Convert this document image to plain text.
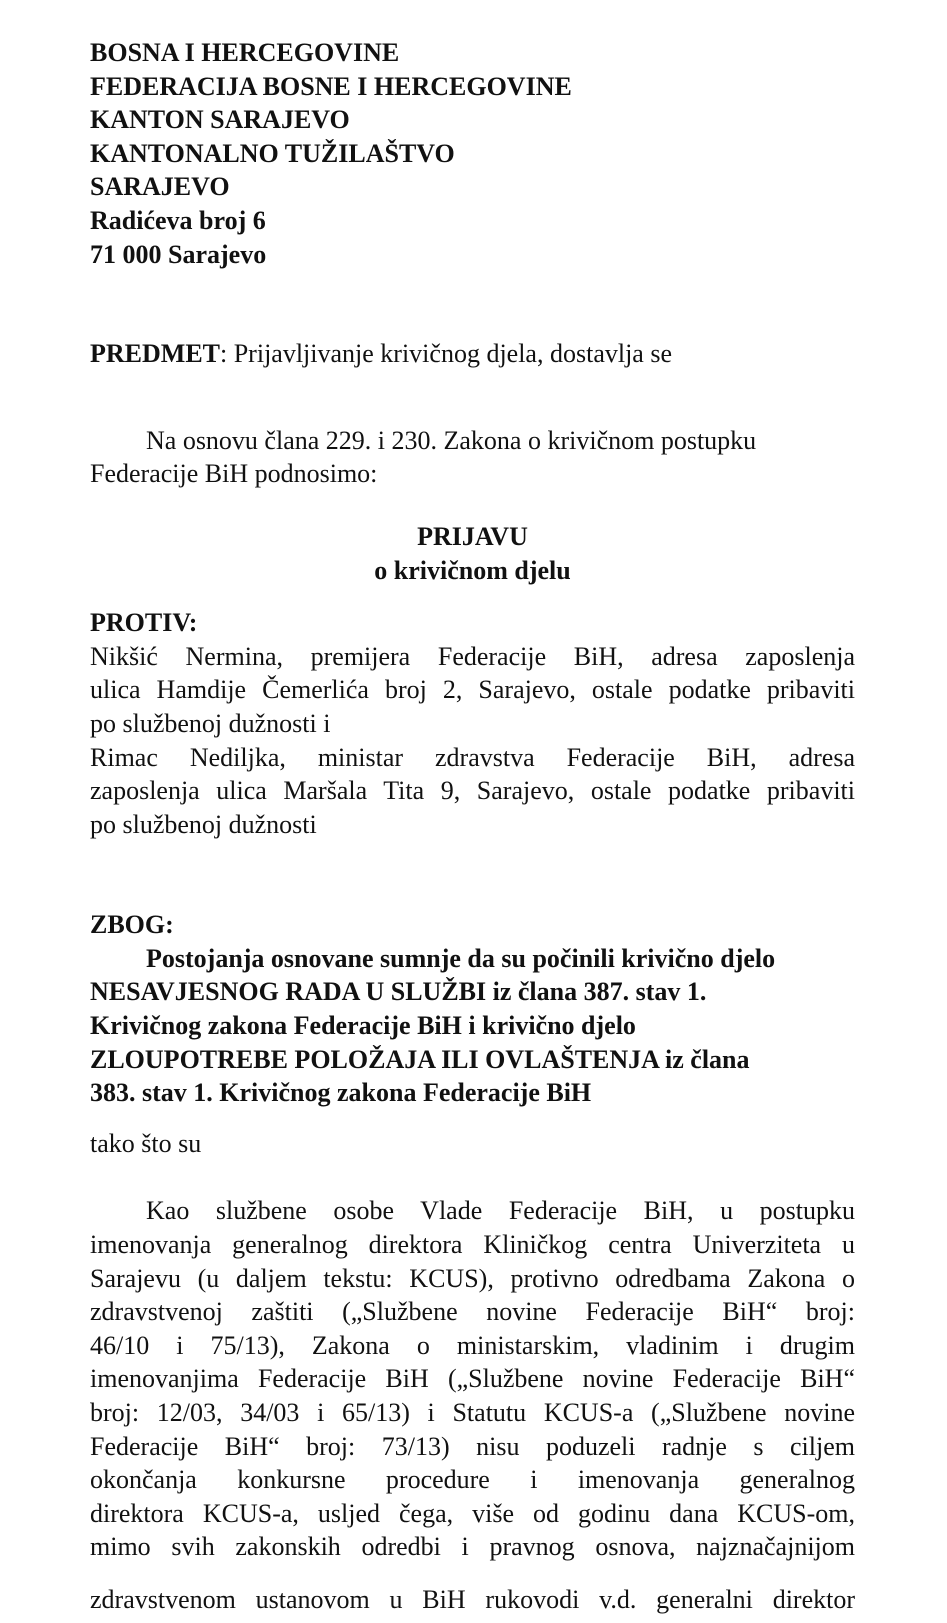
BOSNA I HERCEGOVINE
FEDERACIJA BOSNE I HERCEGOVINE
KANTON SARAJEVO
KANTONALNO TUŽILAŠTVO
SARAJEVO
Radićeva broj 6
71 000 Sarajevo
PREDMET: Prijavljivanje krivičnog djela, dostavlja se
Na osnovu člana 229. i 230. Zakona o krivičnom postupku
Federacije BiH podnosimo:
PRIJAVU
o krivičnom djelu
PROTIV:
Nikšić Nermina, premijera Federacije BiH, adresa zaposlenja
ulica Hamdije Čemerlića broj 2, Sarajevo, ostale podatke pribaviti
po službenoj dužnosti i
Rimac Nediljka, ministar zdravstva Federacije BiH, adresa
zaposlenja ulica Maršala Tita 9, Sarajevo, ostale podatke pribaviti
po službenoj dužnosti
ZBOG:
Postojanja osnovane sumnje da su počinili krivično djelo
NESAVJESNOG RADA U SLUŽBI iz člana 387. stav 1.
Krivičnog zakona Federacije BiH i krivično djelo
ZLOUPOTREBE POLOŽAJA ILI OVLAŠTENJA iz člana
383. stav 1. Krivičnog zakona Federacije BiH
tako što su
Kao službene osobe Vlade Federacije BiH, u postupku
imenovanja generalnog direktora Kliničkog centra Univerziteta u
Sarajevu (u daljem tekstu: KCUS), protivno odredbama Zakona o
zdravstvenoj zaštiti („Službene novine Federacije BiH“ broj:
46/10 i 75/13), Zakona o ministarskim, vladinim i drugim
imenovanjima Federacije BiH („Službene novine Federacije BiH“
broj: 12/03, 34/03 i 65/13) i Statutu KCUS-a („Službene novine
Federacije BiH“ broj: 73/13) nisu poduzeli radnje s ciljem
okončanja konkursne procedure i imenovanja generalnog
direktora KCUS-a, usljed čega, više od godinu dana KCUS-om,
mimo svih zakonskih odredbi i pravnog osnova, najznačajnijom
zdravstvenom ustanovom u BiH rukovodi v.d. generalni direktor
